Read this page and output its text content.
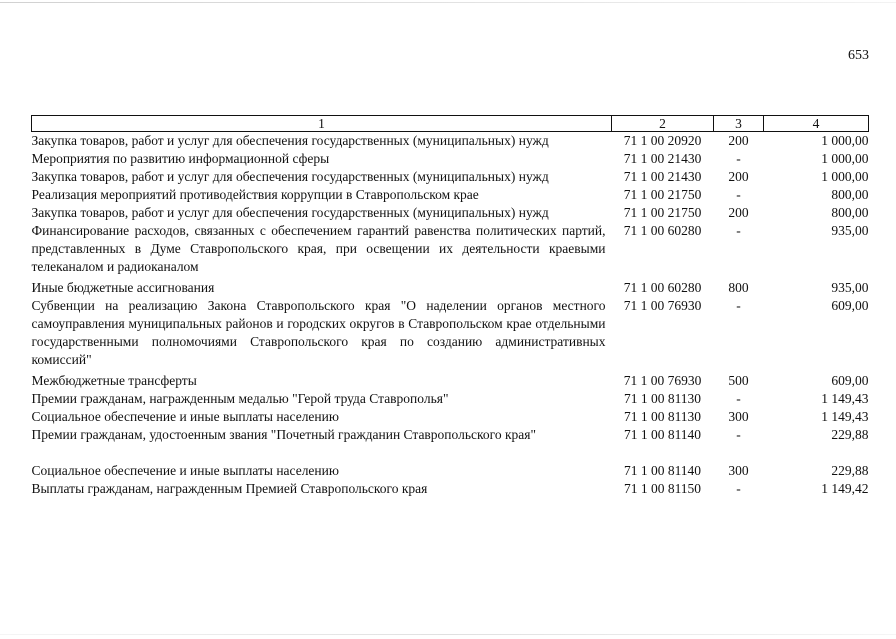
653
1	2	3	4
Закупка товаров, работ и услуг для обеспечения государственных (муниципальных) нужд	71 1 00 20920	200	1 000,00
Мероприятия по развитию информационной сферы	71 1 00 21430	-	1 000,00
Закупка товаров, работ и услуг для обеспечения государственных (муниципальных) нужд	71 1 00 21430	200	1 000,00
Реализация мероприятий противодействия коррупции в Ставропольском крае	71 1 00 21750	-	800,00
Закупка товаров, работ и услуг для обеспечения государственных (муниципальных) нужд	71 1 00 21750	200	800,00
Финансирование расходов, связанных с обеспечением гарантий равенства политических партий, представленных в Думе Ставропольского края, при освещении их деятельности краевыми телеканалом и радиоканалом	71 1 00 60280	-	935,00
Иные бюджетные ассигнования	71 1 00 60280	800	935,00
Субвенции на реализацию Закона Ставропольского края "О наделении органов местного самоуправления муниципальных районов и городских округов в Ставропольском крае отдельными государственными полномочиями Ставропольского края по созданию административных комиссий"	71 1 00 76930	-	609,00
Межбюджетные трансферты	71 1 00 76930	500	609,00
Премии гражданам, награжденным медалью "Герой труда Ставрополья"	71 1 00 81130	-	1 149,43
Социальное обеспечение и иные выплаты населению	71 1 00 81130	300	1 149,43
Премии гражданам, удостоенным звания "Почетный гражданин Ставропольского края"	71 1 00 81140	-	229,88
Социальное обеспечение и иные выплаты населению	71 1 00 81140	300	229,88
Выплаты гражданам, награжденным Премией Ставропольского края	71 1 00 81150	-	1 149,42
